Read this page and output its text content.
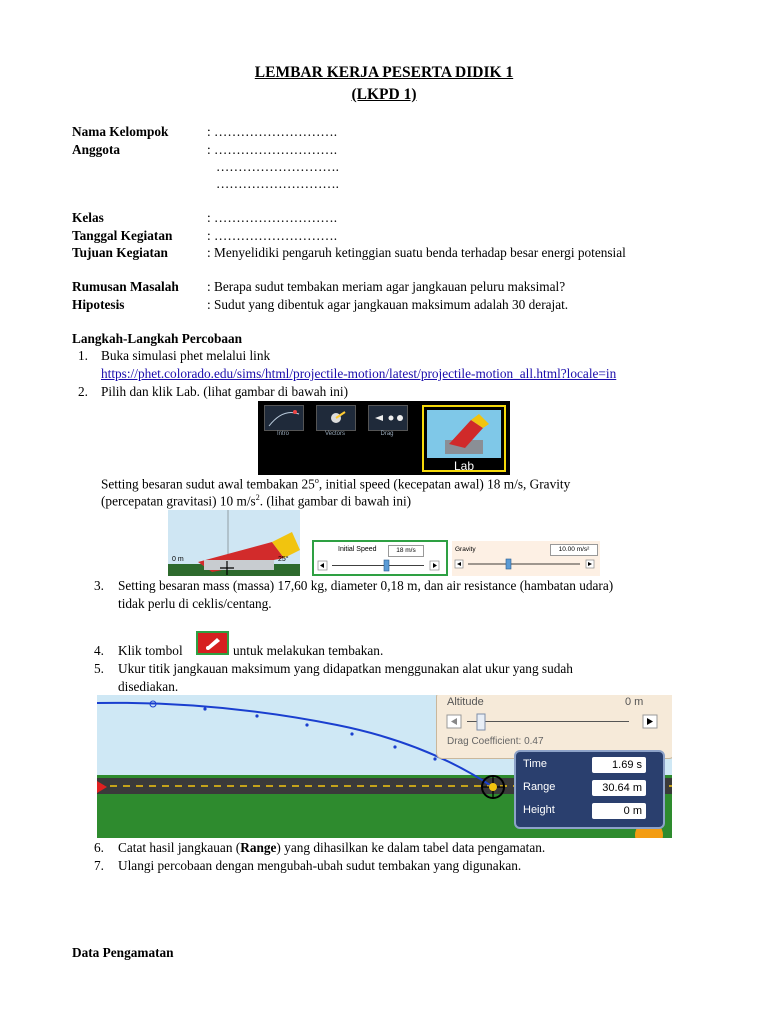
LEMBAR KERJA PESERTA DIDIK 1
(LKPD 1)
Nama Kelompok	: ……………………….
Anggota	: ……………………….
……………………….
……………………….
Kelas	: ……………………….
Tanggal Kegiatan	: ……………………….
Tujuan Kegiatan	: Menyelidiki pengaruh ketinggian suatu benda terhadap besar energi potensial
Rumusan Masalah : Berapa sudut tembakan meriam agar jangkauan peluru maksimal?
Hipotesis	: Sudut yang dibentuk agar jangkauan maksimum adalah 30 derajat.
Langkah-Langkah Percobaan
1. Buka simulasi phet melalui link
https://phet.colorado.edu/sims/html/projectile-motion/latest/projectile-motion_all.html?locale=in
2. Pilih dan klik Lab. (lihat gambar di bawah ini)
Intro	Vectors	Drag
Lab
Setting besaran sudut awal tembakan 25$^o$, initial speed (kecepatan awal) 18 m/s, Gravity
(percepatan gravitasi) 10 $m/s^2$. (lihat gambar di bawah ini)
0 m	25°
Initial Speed	18 m/s	Gravity	10.00 m/s²
3. Setting besaran mass (massa) 17,60 kg, diameter 0,18 m, dan air resistance (hambatan udara)
tidak perlu di ceklis/centang.
4. Klik tombol	untuk melakukan tembakan.
5. Ukur titik jangkauan maksimum yang didapatkan menggunakan alat ukur yang sudah
disediakan.
Altitude	0 m
Drag Coefficient: 0.47
Time	1.69 s
Range	30.64 m
Height	0 m
6. Catat hasil jangkauan (Range) yang dihasilkan ke dalam tabel data pengamatan.
7. Ulangi percobaan dengan mengubah-ubah sudut tembakan yang digunakan.
Data Pengamatan
